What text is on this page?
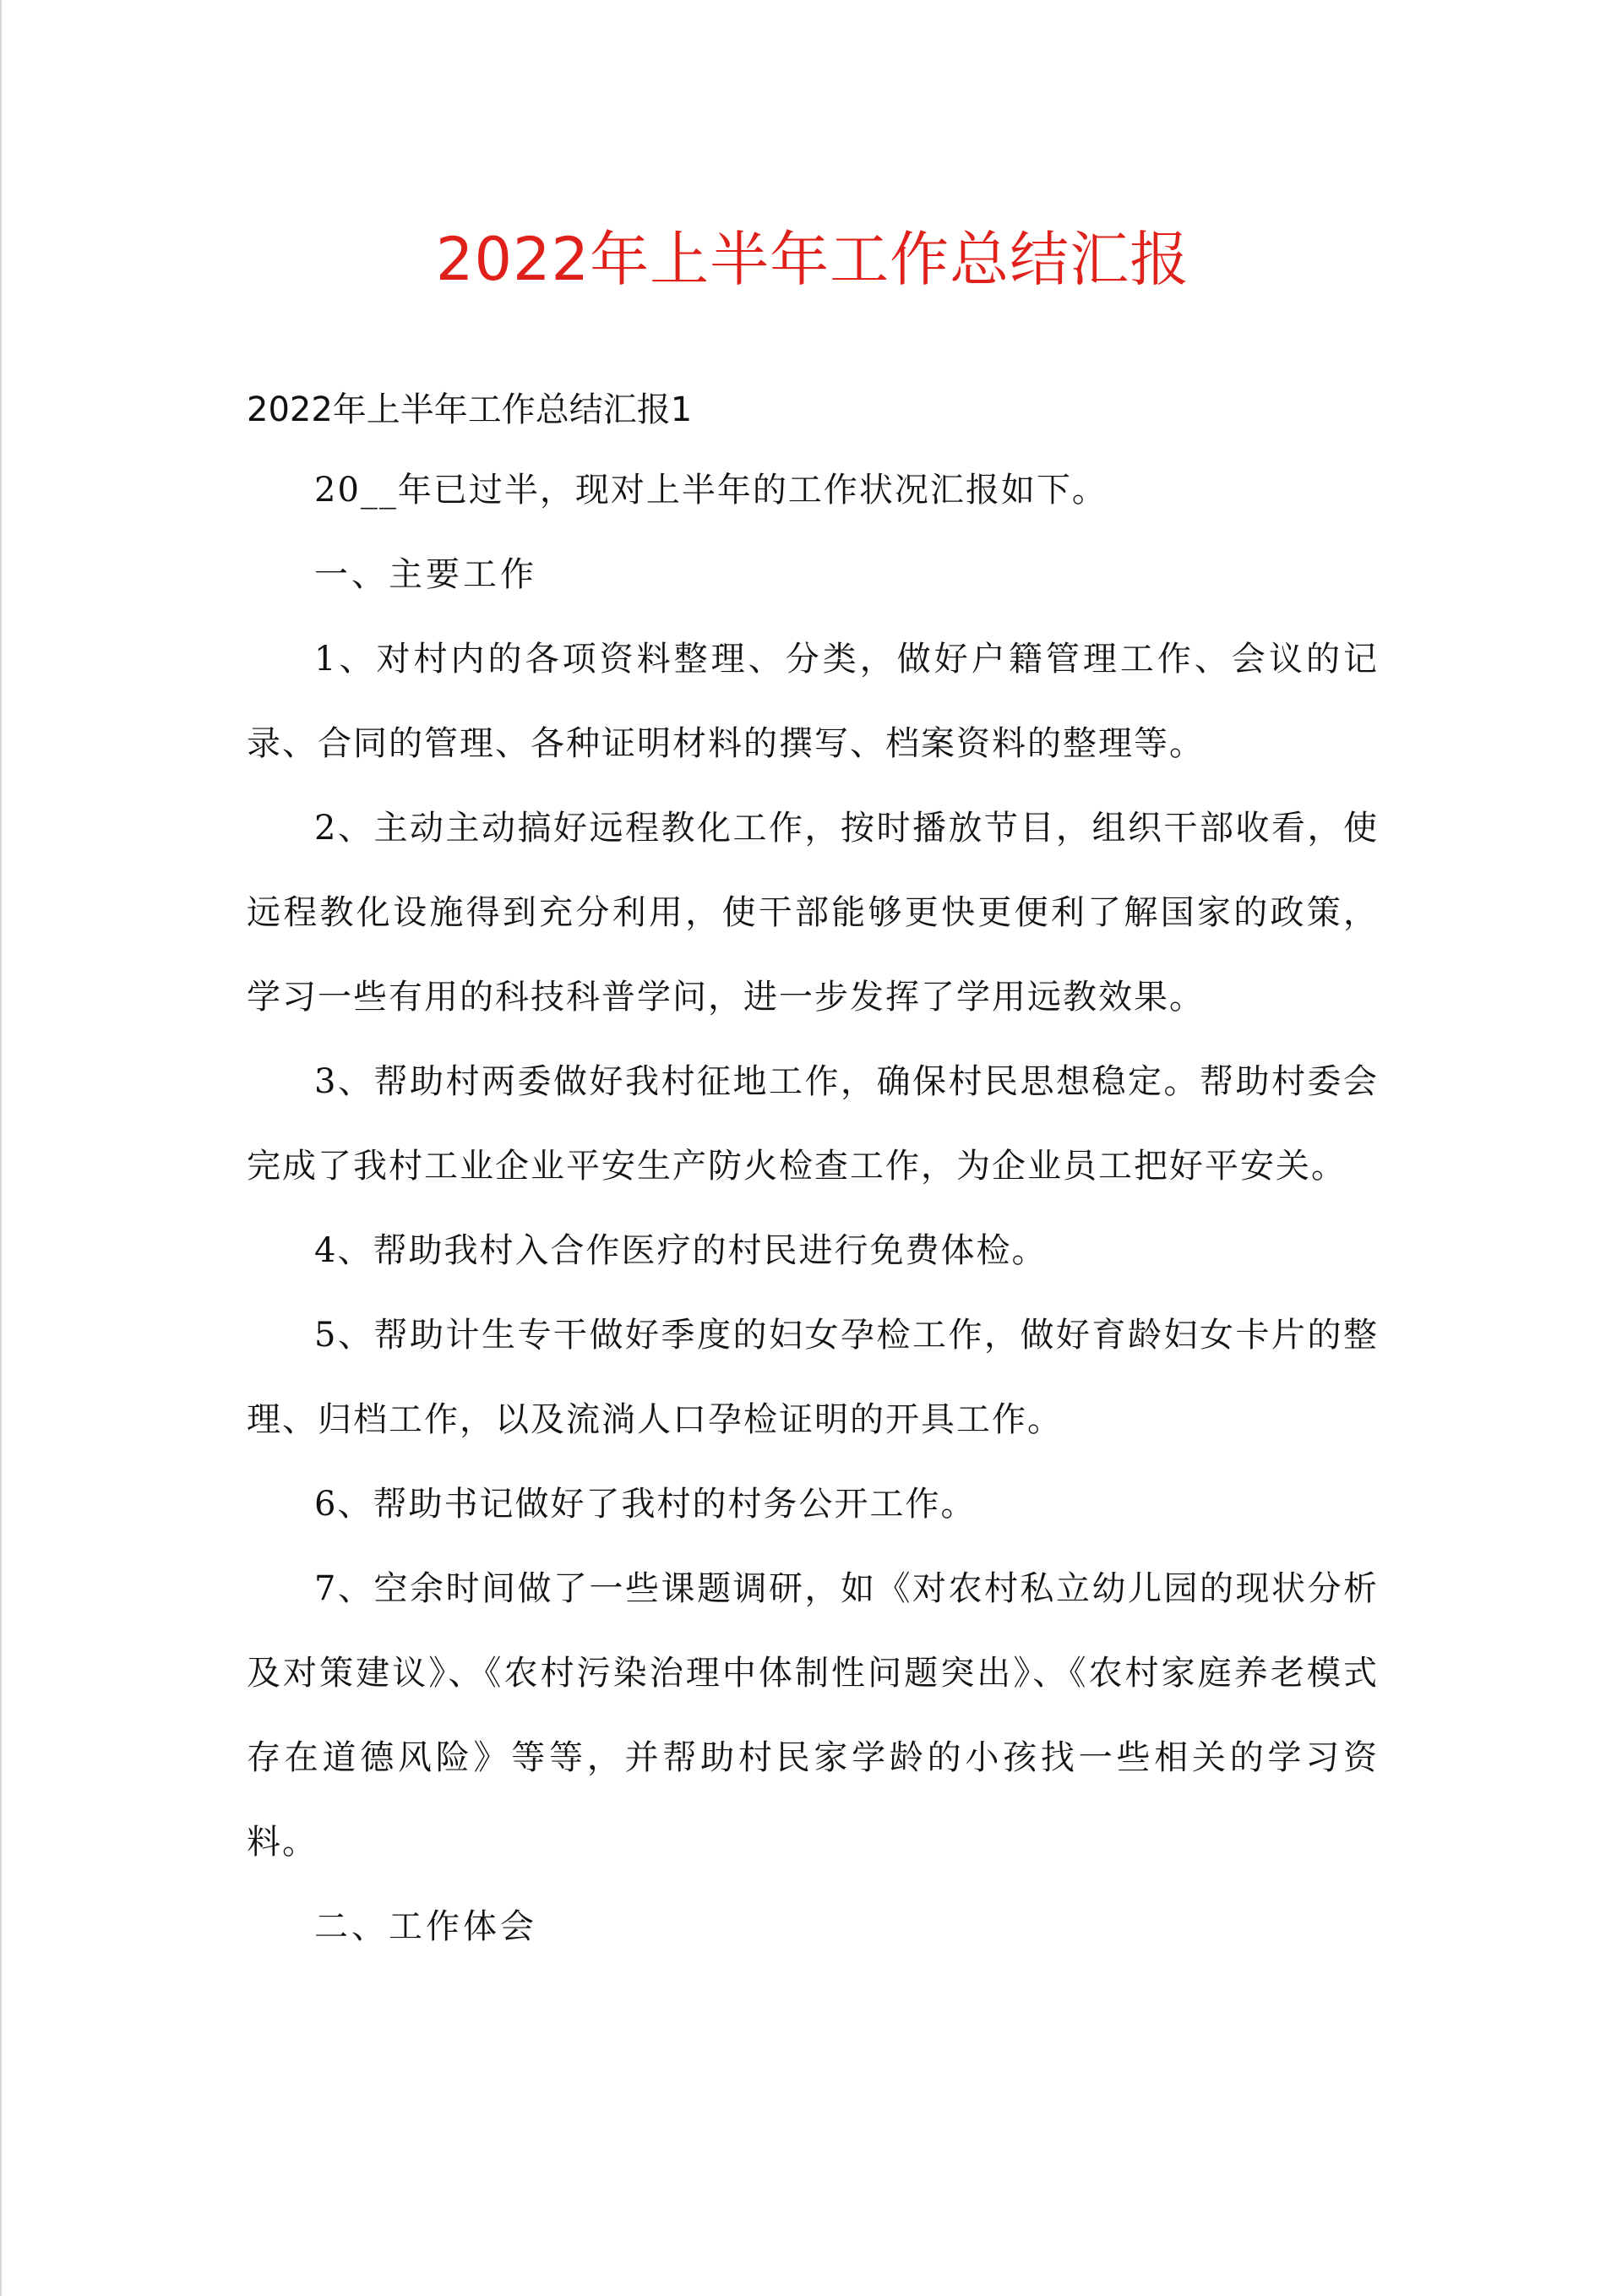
2022年上半年工作总结汇报

2022年上半年工作总结汇报1

20__年已过半，现对上半年的工作状况汇报如下。

一、主要工作

1、对村内的各项资料整理、分类，做好户籍管理工作、会议的记录、合同的管理、各种证明材料的撰写、档案资料的整理等。

2、主动主动搞好远程教化工作，按时播放节目，组织干部收看，使远程教化设施得到充分利用，使干部能够更快更便利了解国家的政策，学习一些有用的科技科普学问，进一步发挥了学用远教效果。

3、帮助村两委做好我村征地工作，确保村民思想稳定。帮助村委会完成了我村工业企业平安生产防火检查工作，为企业员工把好平安关。

4、帮助我村入合作医疗的村民进行免费体检。

5、帮助计生专干做好季度的妇女孕检工作，做好育龄妇女卡片的整理、归档工作，以及流淌人口孕检证明的开具工作。

6、帮助书记做好了我村的村务公开工作。

7、空余时间做了一些课题调研，如《对农村私立幼儿园的现状分析及对策建议》、《农村污染治理中体制性问题突出》、《农村家庭养老模式存在道德风险》等等，并帮助村民家学龄的小孩找一些相关的学习资料。

二、工作体会
